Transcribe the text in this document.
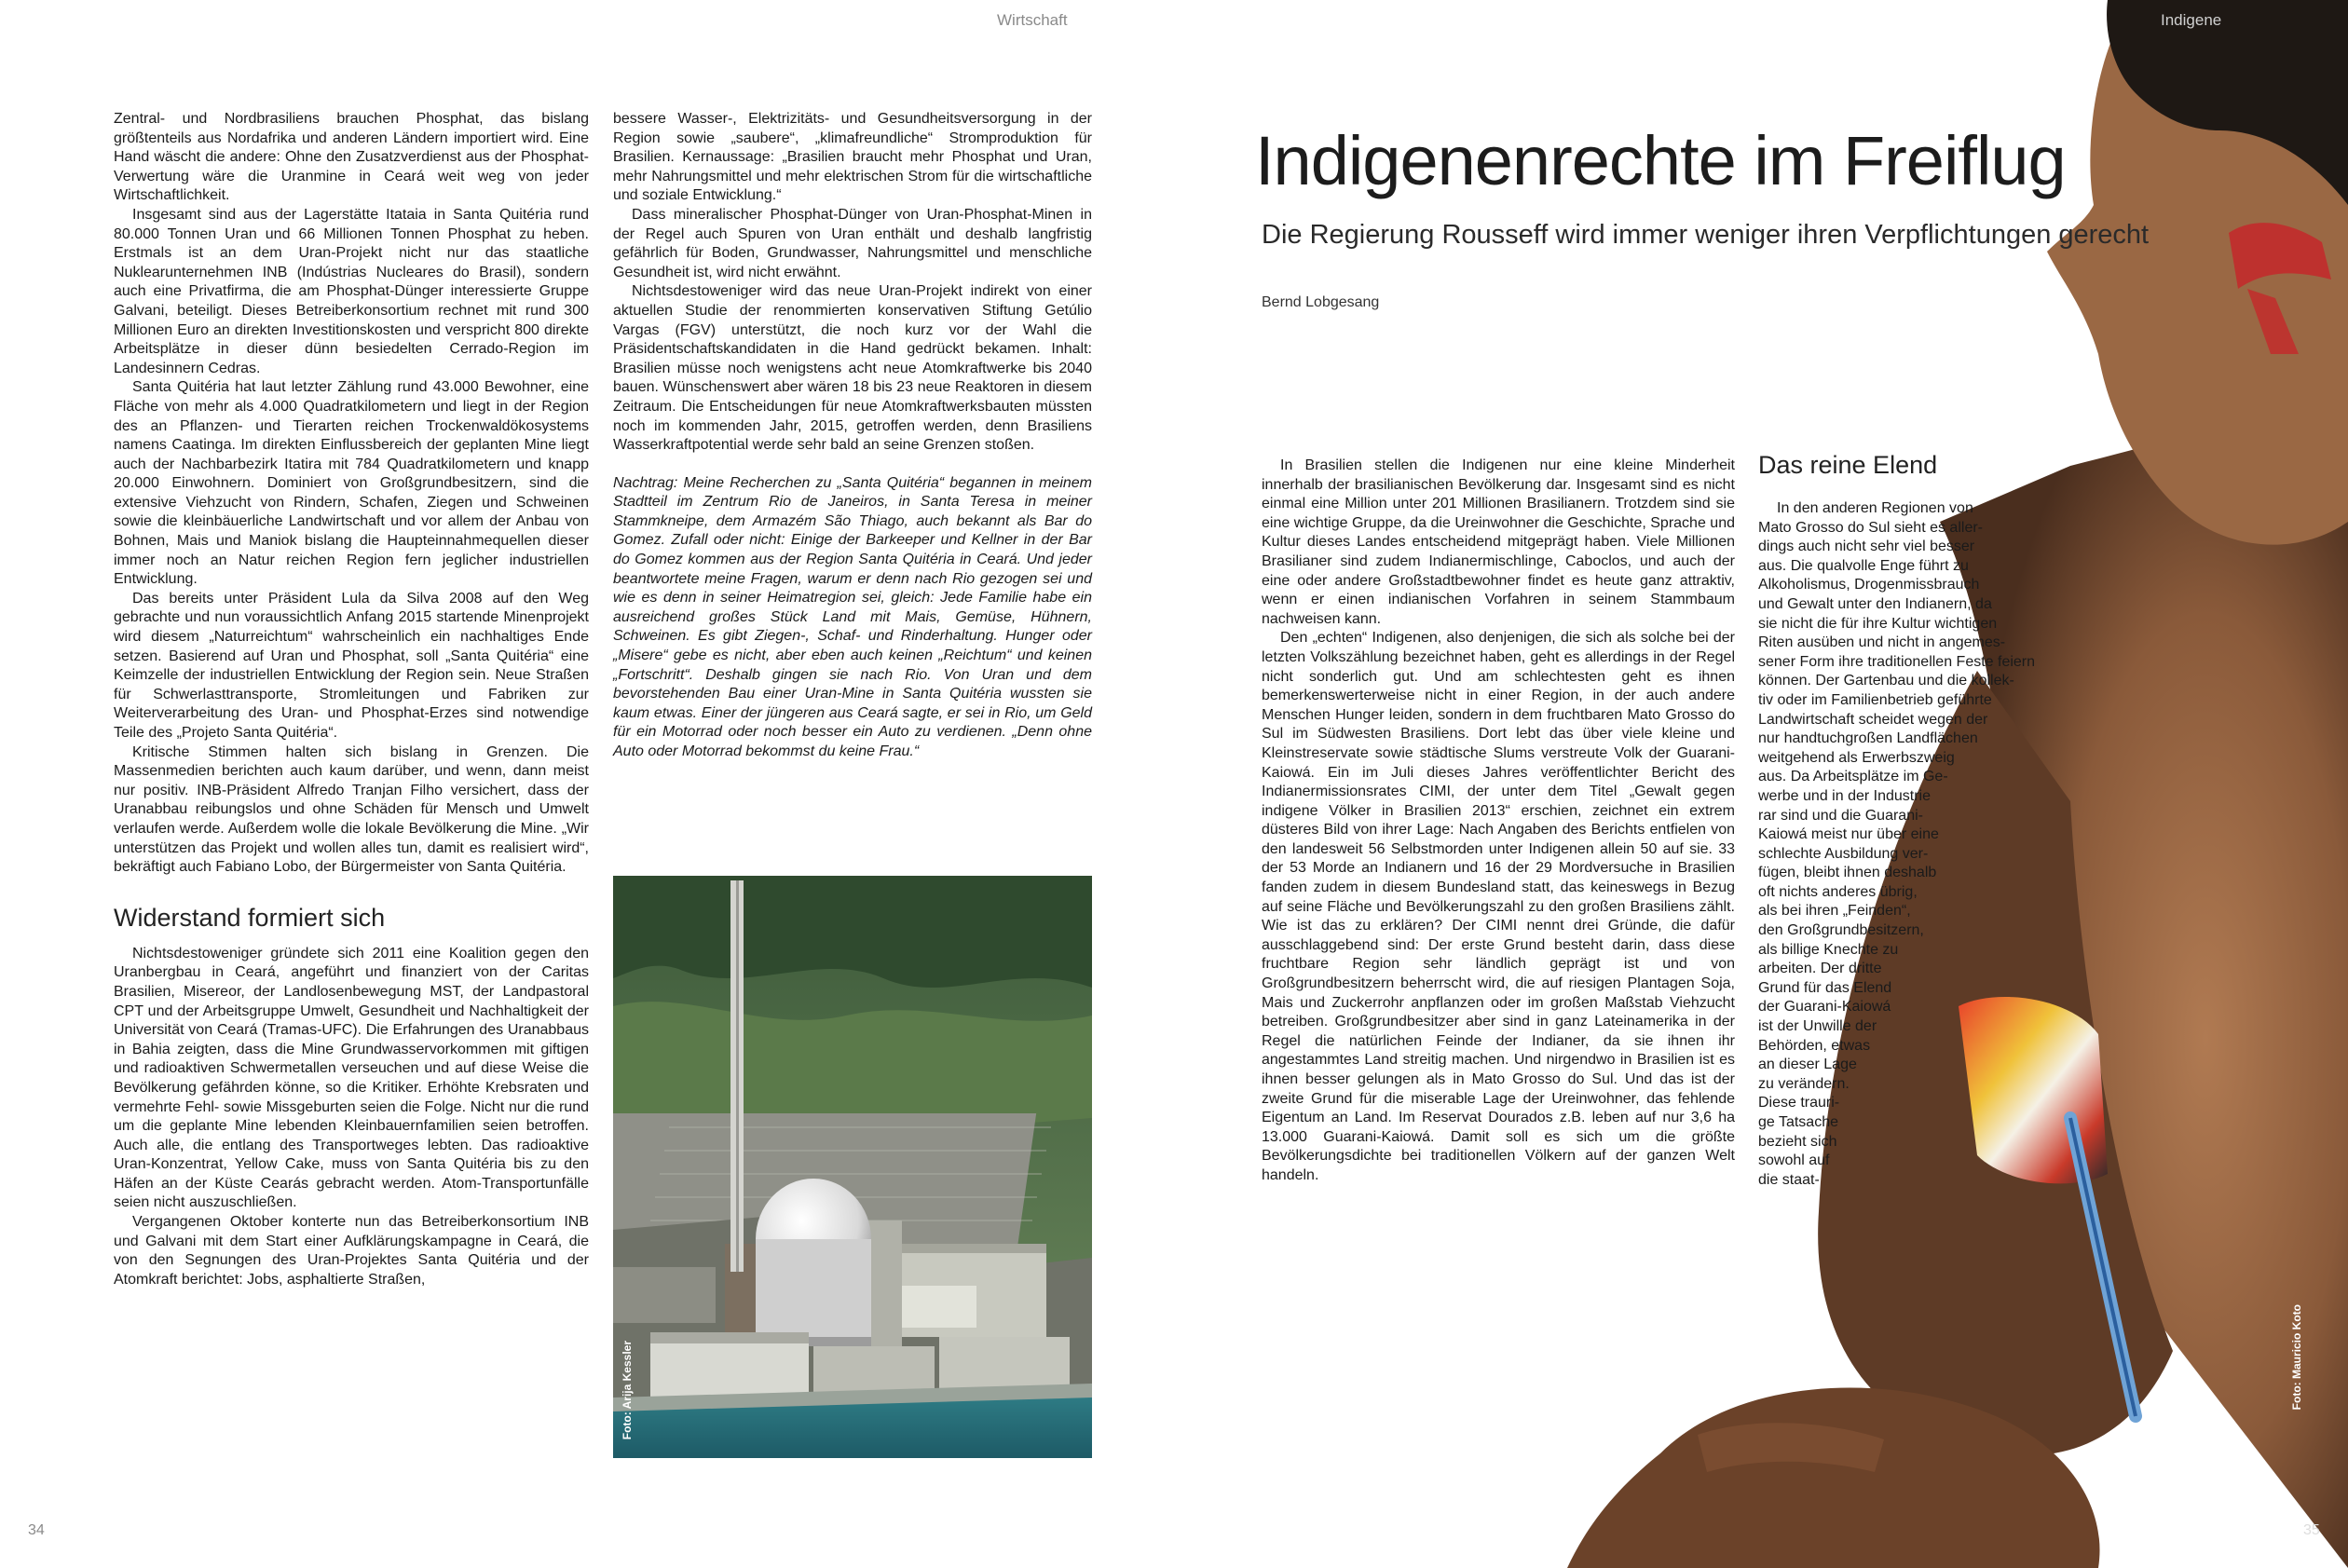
Wirtschaft

Zentral- und Nordbrasiliens brauchen Phosphat, das bislang größtenteils aus Nordafrika und anderen Ländern importiert wird. Eine Hand wäscht die andere: Ohne den Zusatzverdienst aus der Phosphat-Verwertung wäre die Uranmine in Ceará weit weg von jeder Wirtschaftlichkeit.

Insgesamt sind aus der Lagerstätte Itataia in Santa Quitéria rund 80.000 Tonnen Uran und 66 Millionen Tonnen Phosphat zu heben. Erstmals ist an dem Uran-Projekt nicht nur das staatliche Nuklearunternehmen INB (Indústrias Nucleares do Brasil), sondern auch eine Privatfirma, die am Phosphat-Dünger interessierte Gruppe Galvani, beteiligt. Dieses Betreiberkonsortium rechnet mit rund 300 Millionen Euro an direkten Investitionskosten und verspricht 800 direkte Arbeitsplätze in dieser dünn besiedelten Cerrado-Region im Landesinnern Cedras.

Santa Quitéria hat laut letzter Zählung rund 43.000 Bewohner, eine Fläche von mehr als 4.000 Quadratkilometern und liegt in der Region des an Pflanzen- und Tierarten reichen Trockenwaldökosystems namens Caatinga. Im direkten Einflussbereich der geplanten Mine liegt auch der Nachbarbezirk Itatira mit 784 Quadratkilometern und knapp 20.000 Einwohnern. Dominiert von Großgrundbesitzern, sind die extensive Viehzucht von Rindern, Schafen, Ziegen und Schweinen sowie die kleinbäuerliche Landwirtschaft und vor allem der Anbau von Bohnen, Mais und Maniok bislang die Haupteinnahmequellen dieser immer noch an Natur reichen Region fern jeglicher industriellen Entwicklung.

Das bereits unter Präsident Lula da Silva 2008 auf den Weg gebrachte und nun voraussichtlich Anfang 2015 startende Minenprojekt wird diesem „Naturreichtum“ wahrscheinlich ein nachhaltiges Ende setzen. Basierend auf Uran und Phosphat, soll „Santa Quitéria“ eine Keimzelle der industriellen Entwicklung der Region sein. Neue Straßen für Schwerlasttransporte, Stromleitungen und Fabriken zur Weiterverarbeitung des Uran- und Phosphat-Erzes sind notwendige Teile des „Projeto Santa Quitéria“.

Kritische Stimmen halten sich bislang in Grenzen. Die Massenmedien berichten auch kaum darüber, und wenn, dann meist nur positiv. INB-Präsident Alfredo Tranjan Filho versichert, dass der Uranabbau reibungslos und ohne Schäden für Mensch und Umwelt verlaufen werde. Außerdem wolle die lokale Bevölkerung die Mine. „Wir unterstützen das Projekt und wollen alles tun, damit es realisiert wird“, bekräftigt auch Fabiano Lobo, der Bürgermeister von Santa Quitéria.

Widerstand formiert sich

Nichtsdestoweniger gründete sich 2011 eine Koalition gegen den Uranbergbau in Ceará, angeführt und finanziert von der Caritas Brasilien, Misereor, der Landlosenbewegung MST, der Landpastoral CPT und der Arbeitsgruppe Umwelt, Gesundheit und Nachhaltigkeit der Universität von Ceará (Tramas-UFC). Die Erfahrungen des Uranabbaus in Bahia zeigten, dass die Mine Grundwasservorkommen mit giftigen und radioaktiven Schwermetallen verseuchen und auf diese Weise die Bevölkerung gefährden könne, so die Kritiker. Erhöhte Krebsraten und vermehrte Fehl- sowie Missgeburten seien die Folge. Nicht nur die rund um die geplante Mine lebenden Kleinbauernfamilien seien betroffen. Auch alle, die entlang des Transportweges lebten. Das radioaktive Uran-Konzentrat, Yellow Cake, muss von Santa Quitéria bis zu den Häfen an der Küste Cearás gebracht werden. Atom-Transportunfälle seien nicht auszuschließen.

Vergangenen Oktober konterte nun das Betreiberkonsortium INB und Galvani mit dem Start einer Aufklärungskampagne in Ceará, die von den Segnungen des Uran-Projektes Santa Quitéria und der Atomkraft berichtet: Jobs, asphaltierte Straßen,

bessere Wasser-, Elektrizitäts- und Gesundheitsversorgung in der Region sowie „saubere“, „klimafreundliche“ Stromproduktion für Brasilien. Kernaussage: „Brasilien braucht mehr Phosphat und Uran, mehr Nahrungsmittel und mehr elektrischen Strom für die wirtschaftliche und soziale Entwicklung.“

Dass mineralischer Phosphat-Dünger von Uran-Phosphat-Minen in der Regel auch Spuren von Uran enthält und deshalb langfristig gefährlich für Boden, Grundwasser, Nahrungsmittel und menschliche Gesundheit ist, wird nicht erwähnt.

Nichtsdestoweniger wird das neue Uran-Projekt indirekt von einer aktuellen Studie der renommierten konservativen Stiftung Getúlio Vargas (FGV) unterstützt, die noch kurz vor der Wahl die Präsidentschaftskandidaten in die Hand gedrückt bekamen. Inhalt: Brasilien müsse noch wenigstens acht neue Atomkraftwerke bis 2040 bauen. Wünschenswert aber wären 18 bis 23 neue Reaktoren in diesem Zeitraum. Die Entscheidungen für neue Atomkraftwerksbauten müssten noch im kommenden Jahr, 2015, getroffen werden, denn Brasiliens Wasserkraftpotential werde sehr bald an seine Grenzen stoßen.

Nachtrag: Meine Recherchen zu „Santa Quitéria“ begannen in meinem Stadtteil im Zentrum Rio de Janeiros, in Santa Teresa in meiner Stammkneipe, dem Armazém São Thiago, auch bekannt als Bar do Gomez. Zufall oder nicht: Einige der Barkeeper und Kellner in der Bar do Gomez kommen aus der Region Santa Quitéria in Ceará. Und jeder beantwortete meine Fragen, warum er denn nach Rio gezogen sei und wie es denn in seiner Heimatregion sei, gleich: Jede Familie habe ein ausreichend großes Stück Land mit Mais, Gemüse, Hühnern, Schweinen. Es gibt Ziegen-, Schaf- und Rinderhaltung. Hunger oder „Misere“ gebe es nicht, aber eben auch keinen „Reichtum“ und keinen „Fortschritt“. Deshalb gingen sie nach Rio. Von Uran und dem bevorstehenden Bau einer Uran-Mine in Santa Quitéria wussten sie kaum etwas. Einer der jüngeren aus Ceará sagte, er sei in Rio, um Geld für ein Motorrad oder noch besser ein Auto zu verdienen. „Denn ohne Auto oder Motorrad bekommst du keine Frau.“

Foto: Arija Kessler
34
Indigene
Indigenenrechte im Freiflug
Die Regierung Rousseff wird immer weniger ihren Verpflichtungen gerecht
Bernd Lobgesang

In Brasilien stellen die Indigenen nur eine kleine Minderheit innerhalb der brasilianischen Bevölkerung dar. Insgesamt sind es nicht einmal eine Million unter 201 Millionen Brasilianern. Trotzdem sind sie eine wichtige Gruppe, da die Ureinwohner die Geschichte, Sprache und Kultur dieses Landes entscheidend mitgeprägt haben. Viele Millionen Brasilianer sind zudem Indianermischlinge, Caboclos, und auch der eine oder andere Großstadtbewohner findet es heute ganz attraktiv, wenn er einen indianischen Vorfahren in seinem Stammbaum nachweisen kann.

Den „echten“ Indigenen, also denjenigen, die sich als solche bei der letzten Volkszählung bezeichnet haben, geht es allerdings in der Regel nicht sonderlich gut. Und am schlechtesten geht es ihnen bemerkenswerterweise nicht in einer Region, in der auch andere Menschen Hunger leiden, sondern in dem fruchtbaren Mato Grosso do Sul im Südwesten Brasiliens. Dort lebt das über viele kleine und Kleinstreservate sowie städtische Slums verstreute Volk der Guarani-Kaiowá. Ein im Juli dieses Jahres veröffentlichter Bericht des Indianermissionsrates CIMI, der unter dem Titel „Gewalt gegen indigene Völker in Brasilien 2013“ erschien, zeichnet ein extrem düsteres Bild von ihrer Lage: Nach Angaben des Berichts entfielen von den landesweit 56 Selbstmorden unter Indigenen allein 50 auf sie. 33 der 53 Morde an Indianern und 16 der 29 Mordversuche in Brasilien fanden zudem in diesem Bundesland statt, das keineswegs in Bezug auf seine Fläche und Bevölkerungszahl zu den großen Brasiliens zählt. Wie ist das zu erklären? Der CIMI nennt drei Gründe, die dafür ausschlaggebend sind: Der erste Grund besteht darin, dass diese fruchtbare Region sehr ländlich geprägt ist und von Großgrundbesitzern beherrscht wird, die auf riesigen Plantagen Soja, Mais und Zuckerrohr anpflanzen oder im großen Maßstab Viehzucht betreiben. Großgrundbesitzer aber sind in ganz Lateinamerika in der Regel die natürlichen Feinde der Indianer, da sie ihnen ihr angestammtes Land streitig machen. Und nirgendwo in Brasilien ist es ihnen besser gelungen als in Mato Grosso do Sul. Und das ist der zweite Grund für die miserable Lage der Ureinwohner, das fehlende Eigentum an Land. Im Reservat Dourados z.B. leben auf nur 3,6 ha 13.000 Guarani-Kaiowá. Damit soll es sich um die größte Bevölkerungsdichte bei traditionellen Völkern auf der ganzen Welt handeln.

Das reine Elend
In den anderen Regionen von
Mato Grosso do Sul sieht es aller-
dings auch nicht sehr viel besser
aus. Die qualvolle Enge führt zu
Alkoholismus, Drogenmissbrauch
und Gewalt unter den Indianern, da
sie nicht die für ihre Kultur wichtigen
Riten ausüben und nicht in angemes-
sener Form ihre traditionellen Feste feiern
können. Der Gartenbau und die kollek-
tiv oder im Familienbetrieb geführte
Landwirtschaft scheidet wegen der
nur handtuchgroßen Landflächen
weitgehend als Erwerbszweig
aus. Da Arbeitsplätze im Ge-
werbe und in der Industrie
rar sind und die Guarani-
Kaiowá meist nur über eine
schlechte Ausbildung ver-
fügen, bleibt ihnen deshalb
oft nichts anderes übrig,
als bei ihren „Feinden“,
den Großgrundbesitzern,
als billige Knechte zu
arbeiten. Der dritte
Grund für das Elend
der Guarani-Kaiowá
ist der Unwille der
Behörden, etwas
an dieser Lage
zu verändern.
Diese trauri-
ge Tatsache
bezieht sich
sowohl auf
die staat-
Foto: Mauricio Koto
35
